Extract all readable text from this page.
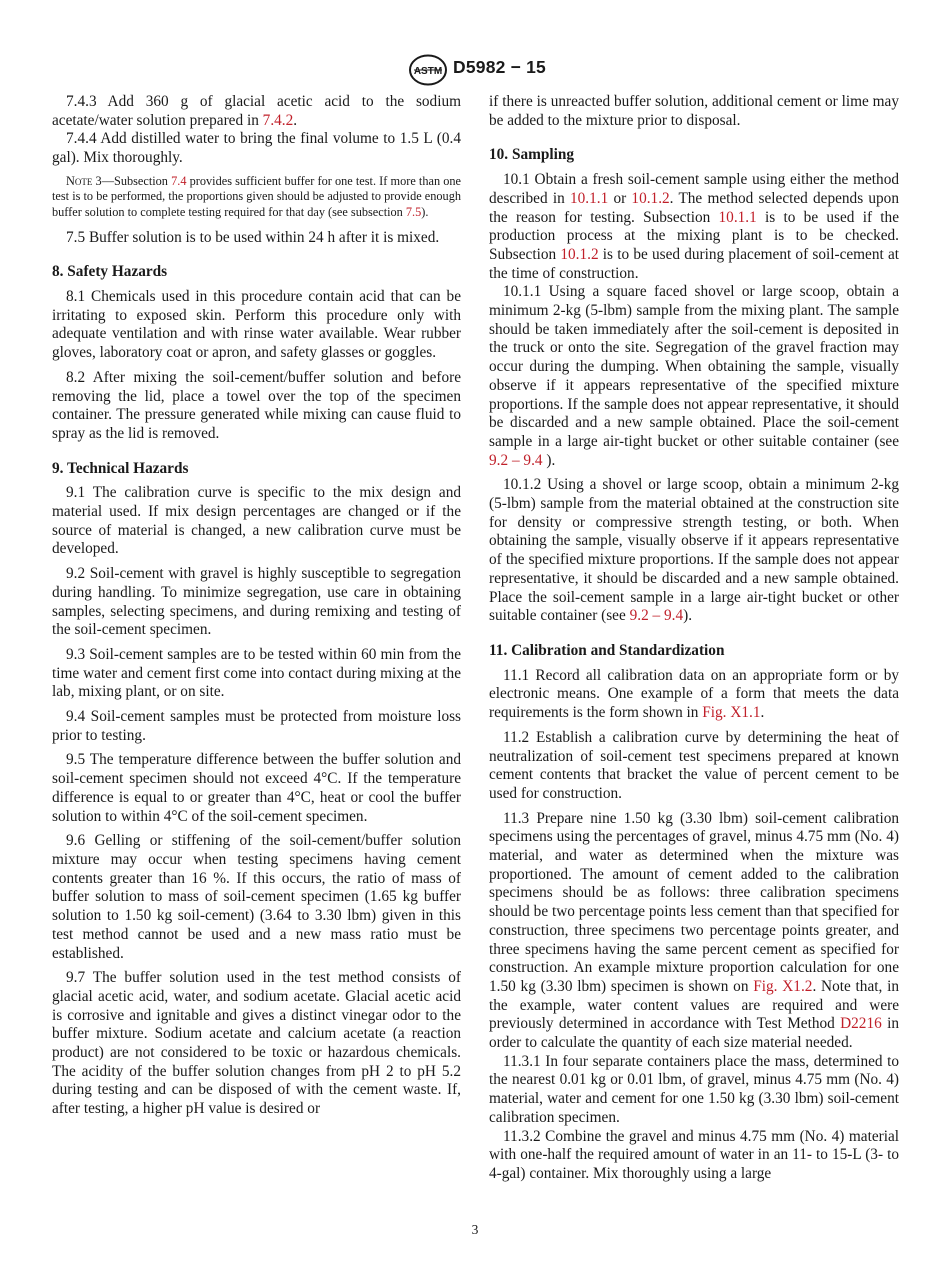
ASTM D5982 − 15

7.4.3 Add 360 g of glacial acetic acid to the sodium acetate/water solution prepared in 7.4.2.

7.4.4 Add distilled water to bring the final volume to 1.5 L (0.4 gal). Mix thoroughly.

Note 3—Subsection 7.4 provides sufficient buffer for one test. If more than one test is to be performed, the proportions given should be adjusted to provide enough buffer solution to complete testing required for that day (see subsection 7.5).

7.5 Buffer solution is to be used within 24 h after it is mixed.

8. Safety Hazards

8.1 Chemicals used in this procedure contain acid that can be irritating to exposed skin. Perform this procedure only with adequate ventilation and with rinse water available. Wear rubber gloves, laboratory coat or apron, and safety glasses or goggles.

8.2 After mixing the soil-cement/buffer solution and before removing the lid, place a towel over the top of the specimen container. The pressure generated while mixing can cause fluid to spray as the lid is removed.

9. Technical Hazards

9.1 The calibration curve is specific to the mix design and material used. If mix design percentages are changed or if the source of material is changed, a new calibration curve must be developed.

9.2 Soil-cement with gravel is highly susceptible to segregation during handling. To minimize segregation, use care in obtaining samples, selecting specimens, and during remixing and testing of the soil-cement specimen.

9.3 Soil-cement samples are to be tested within 60 min from the time water and cement first come into contact during mixing at the lab, mixing plant, or on site.

9.4 Soil-cement samples must be protected from moisture loss prior to testing.

9.5 The temperature difference between the buffer solution and soil-cement specimen should not exceed 4°C. If the temperature difference is equal to or greater than 4°C, heat or cool the buffer solution to within 4°C of the soil-cement specimen.

9.6 Gelling or stiffening of the soil-cement/buffer solution mixture may occur when testing specimens having cement contents greater than 16 %. If this occurs, the ratio of mass of buffer solution to mass of soil-cement specimen (1.65 kg buffer solution to 1.50 kg soil-cement) (3.64 to 3.30 lbm) given in this test method cannot be used and a new mass ratio must be established.

9.7 The buffer solution used in the test method consists of glacial acetic acid, water, and sodium acetate. Glacial acetic acid is corrosive and ignitable and gives a distinct vinegar odor to the buffer mixture. Sodium acetate and calcium acetate (a reaction product) are not considered to be toxic or hazardous chemicals. The acidity of the buffer solution changes from pH 2 to pH 5.2 during testing and can be disposed of with the cement waste. If, after testing, a higher pH value is desired or

if there is unreacted buffer solution, additional cement or lime may be added to the mixture prior to disposal.

10. Sampling

10.1 Obtain a fresh soil-cement sample using either the method described in 10.1.1 or 10.1.2. The method selected depends upon the reason for testing. Subsection 10.1.1 is to be used if the production process at the mixing plant is to be checked. Subsection 10.1.2 is to be used during placement of soil-cement at the time of construction.

10.1.1 Using a square faced shovel or large scoop, obtain a minimum 2-kg (5-lbm) sample from the mixing plant. The sample should be taken immediately after the soil-cement is deposited in the truck or onto the site. Segregation of the gravel fraction may occur during the dumping. When obtaining the sample, visually observe if it appears representative of the specified mixture proportions. If the sample does not appear representative, it should be discarded and a new sample obtained. Place the soil-cement sample in a large air-tight bucket or other suitable container (see 9.2 – 9.4 ).

10.1.2 Using a shovel or large scoop, obtain a minimum 2-kg (5-lbm) sample from the material obtained at the construction site for density or compressive strength testing, or both. When obtaining the sample, visually observe if it appears representative of the specified mixture proportions. If the sample does not appear representative, it should be discarded and a new sample obtained. Place the soil-cement sample in a large air-tight bucket or other suitable container (see 9.2 – 9.4).

11. Calibration and Standardization

11.1 Record all calibration data on an appropriate form or by electronic means. One example of a form that meets the data requirements is the form shown in Fig. X1.1.

11.2 Establish a calibration curve by determining the heat of neutralization of soil-cement test specimens prepared at known cement contents that bracket the value of percent cement to be used for construction.

11.3 Prepare nine 1.50 kg (3.30 lbm) soil-cement calibration specimens using the percentages of gravel, minus 4.75 mm (No. 4) material, and water as determined when the mixture was proportioned. The amount of cement added to the calibration specimens should be as follows: three calibration specimens should be two percentage points less cement than that specified for construction, three specimens two percentage points greater, and three specimens having the same percent cement as specified for construction. An example mixture proportion calculation for one 1.50 kg (3.30 lbm) specimen is shown on Fig. X1.2. Note that, in the example, water content values are required and were previously determined in accordance with Test Method D2216 in order to calculate the quantity of each size material needed.

11.3.1 In four separate containers place the mass, determined to the nearest 0.01 kg or 0.01 lbm, of gravel, minus 4.75 mm (No. 4) material, water and cement for one 1.50 kg (3.30 lbm) soil-cement calibration specimen.

11.3.2 Combine the gravel and minus 4.75 mm (No. 4) material with one-half the required amount of water in an 11- to 15-L (3- to 4-gal) container. Mix thoroughly using a large

3
